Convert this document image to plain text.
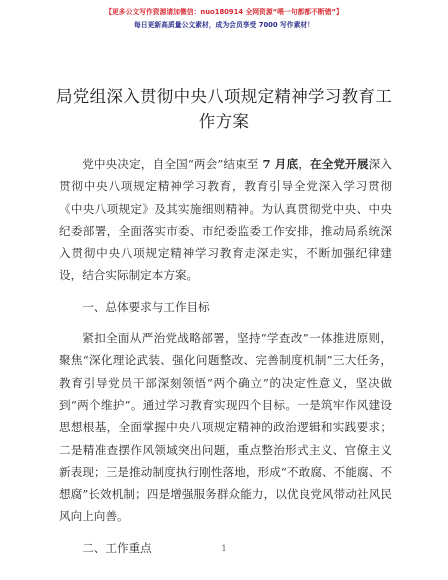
【更多公文写作资源请加微信：nuo180914 全网资源“喂一句都都不断错”】
每日更新高质量公文素材，成为会员享受 7000 写作素材！
局党组深入贯彻中央八项规定精神学习教育工作方案

党中央决定，自全国“两会”结束至 7 月底，在全党开展深入贯彻中央八项规定精神学习教育，教育引导全党深入学习贯彻《中央八项规定》及其实施细则精神。为认真贯彻党中央、中央纪委部署，全面落实市委、市纪委监委工作安排，推动局系统深入贯彻中央八项规定精神学习教育走深走实，不断加强纪律建设，结合实际制定本方案。

一、总体要求与工作目标

紧扣全面从严治党战略部署，坚持“学查改”一体推进原则，聚焦“深化理论武装、强化问题整改、完善制度机制”三大任务，教育引导党员干部深刻领悟“两个确立”的决定性意义，坚决做到“两个维护”。通过学习教育实现四个目标。一是筑牢作风建设思想根基，全面掌握中央八项规定精神的政治逻辑和实践要求；二是精准查摆作风领域突出问题，重点整治形式主义、官僚主义新表现；三是推动制度执行刚性落地，形成“不敢腐、不能腐、不想腐”长效机制；四是增强服务群众能力，以优良党风带动社风民风向上向善。

二、工作重点	1
